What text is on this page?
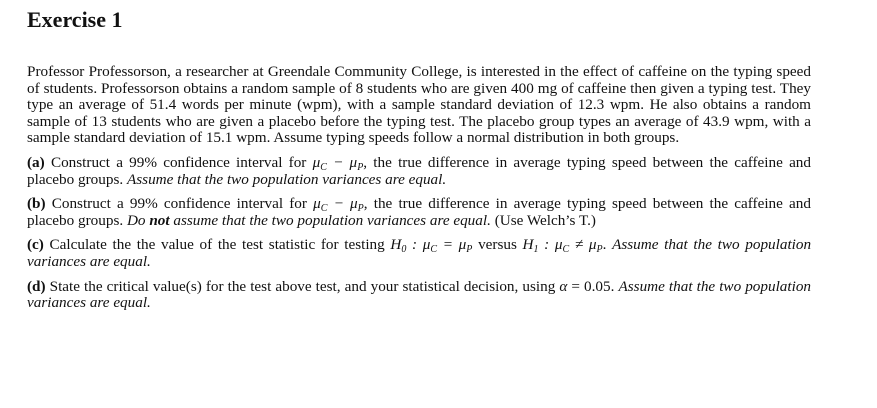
Exercise 1

Professor Professorson, a researcher at Greendale Community College, is interested in the effect of caffeine on the typing speed of students. Professorson obtains a random sample of 8 students who are given 400 mg of caffeine then given a typing test. They type an average of 51.4 words per minute (wpm), with a sample standard deviation of 12.3 wpm. He also obtains a random sample of 13 students who are given a placebo before the typing test. The placebo group types an average of 43.9 wpm, with a sample standard deviation of 15.1 wpm. Assume typing speeds follow a normal distribution in both groups.

(a) Construct a 99% confidence interval for $\mu_C - \mu_P$, the true difference in average typing speed between the caffeine and placebo groups. Assume that the two population variances are equal.

(b) Construct a 99% confidence interval for $\mu_C - \mu_P$, the true difference in average typing speed between the caffeine and placebo groups. Do not assume that the two population variances are equal. (Use Welch’s T.)

(c) Calculate the the value of the test statistic for testing $H_0$ : $\mu_C = \mu_P$ versus $H_1$ : $\mu_C \ne \mu_P$. Assume that the two population variances are equal.

(d) State the critical value(s) for the test above test, and your statistical decision, using α = 0.05. Assume that the two population variances are equal.
